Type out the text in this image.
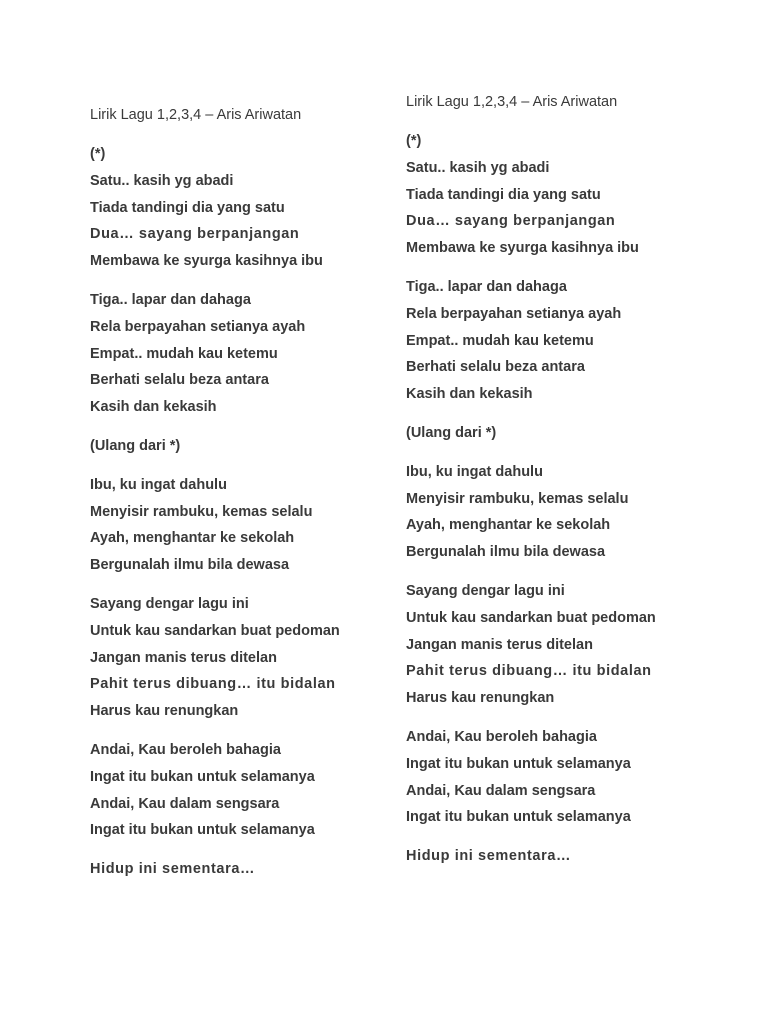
Lirik Lagu 1,2,3,4 – Aris Ariwatan
(*)
Satu.. kasih yg abadi
Tiada tandingi dia yang satu
Dua… sayang berpanjangan
Membawa ke syurga kasihnya ibu
Tiga.. lapar dan dahaga
Rela berpayahan setianya ayah
Empat.. mudah kau ketemu
Berhati selalu beza antara
Kasih dan kekasih
(Ulang dari *)
Ibu, ku ingat dahulu
Menyisir rambuku, kemas selalu
Ayah, menghantar ke sekolah
Bergunalah ilmu bila dewasa
Sayang dengar lagu ini
Untuk kau sandarkan buat pedoman
Jangan manis terus ditelan
Pahit terus dibuang… itu bidalan
Harus kau renungkan
Andai, Kau beroleh bahagia
Ingat itu bukan untuk selamanya
Andai, Kau dalam sengsara
Ingat itu bukan untuk selamanya
Hidup ini sementara…
Lirik Lagu 1,2,3,4 – Aris Ariwatan
(*)
Satu.. kasih yg abadi
Tiada tandingi dia yang satu
Dua… sayang berpanjangan
Membawa ke syurga kasihnya ibu
Tiga.. lapar dan dahaga
Rela berpayahan setianya ayah
Empat.. mudah kau ketemu
Berhati selalu beza antara
Kasih dan kekasih
(Ulang dari *)
Ibu, ku ingat dahulu
Menyisir rambuku, kemas selalu
Ayah, menghantar ke sekolah
Bergunalah ilmu bila dewasa
Sayang dengar lagu ini
Untuk kau sandarkan buat pedoman
Jangan manis terus ditelan
Pahit terus dibuang… itu bidalan
Harus kau renungkan
Andai, Kau beroleh bahagia
Ingat itu bukan untuk selamanya
Andai, Kau dalam sengsara
Ingat itu bukan untuk selamanya
Hidup ini sementara…
